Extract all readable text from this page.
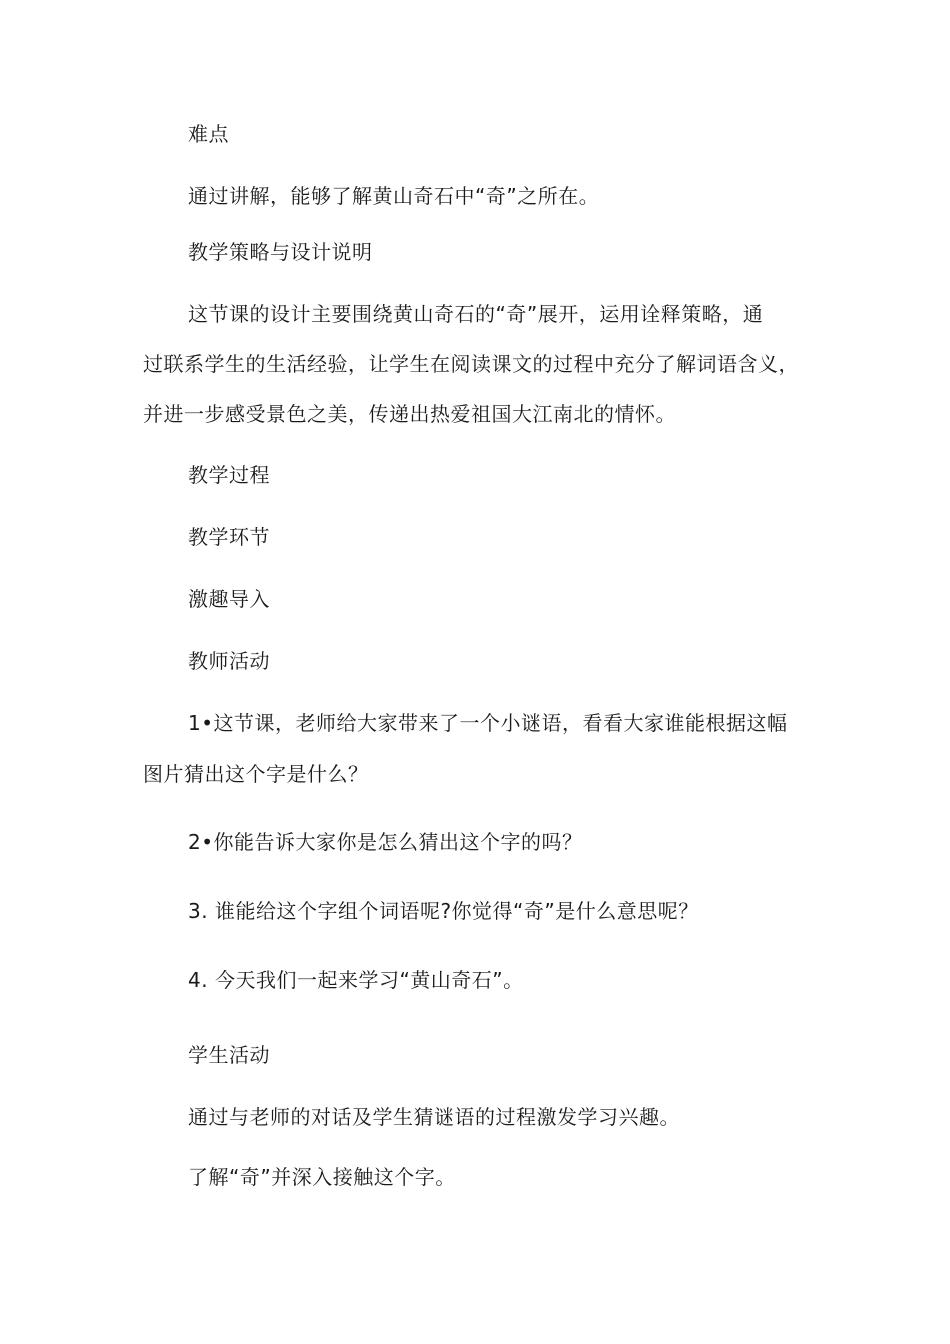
难点
通过讲解，能够了解黄山奇石中“奇”之所在。
教学策略与设计说明
这节课的设计主要围绕黄山奇石的“奇”展开，运用诠释策略，通
过联系学生的生活经验，让学生在阅读课文的过程中充分了解词语含义，
并进一步感受景色之美，传递出热爱祖国大江南北的情怀。
教学过程
教学环节
激趣导入
教师活动
1•这节课，老师给大家带来了一个小谜语，看看大家谁能根据这幅
图片猜出这个字是什么？
2•你能告诉大家你是怎么猜出这个字的吗？
3. 谁能给这个字组个词语呢?你觉得“奇”是什么意思呢？
4. 今天我们一起来学习“黄山奇石”。
学生活动
通过与老师的对话及学生猜谜语的过程激发学习兴趣。
了解“奇”并深入接触这个字。
